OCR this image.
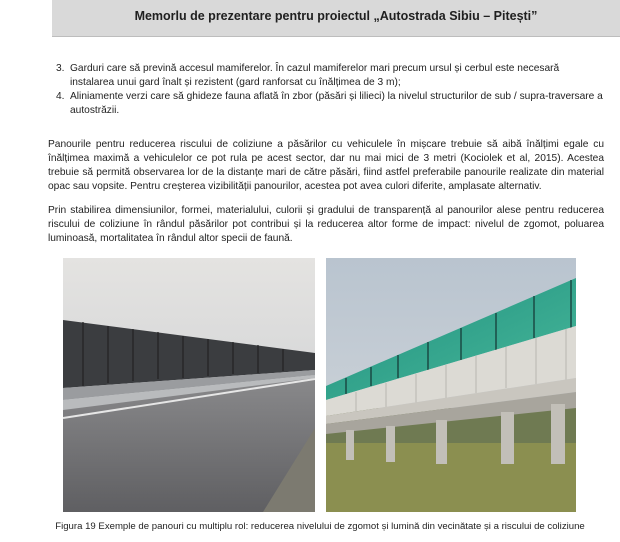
Memorlu de prezentare pentru proiectul „Autostrada Sibiu – Pitești”
3. Garduri care să prevină accesul mamiferelor. În cazul mamiferelor mari precum ursul și cerbul este necesară instalarea unui gard înalt și rezistent (gard ranforsat cu înălțimea de 3 m);
4. Aliniamente verzi care să ghideze fauna aflată în zbor (păsări și lilieci) la nivelul structurilor de sub / supra-traversare a autostrăzii.
Panourile pentru reducerea riscului de coliziune a păsărilor cu vehiculele în mișcare trebuie să aibă înălțimi egale cu înălțimea maximă a vehiculelor ce pot rula pe acest sector, dar nu mai mici de 3 metri (Kociolek et al, 2015). Acestea trebuie să permită observarea lor de la distanțe mari de către păsări, fiind astfel preferabile panourile realizate din material opac sau vopsite. Pentru creșterea vizibilității panourilor, acestea pot avea culori diferite, amplasate alternativ.
Prin stabilirea dimensiunilor, formei, materialului, culorii și gradului de transparență al panourilor alese pentru reducerea riscului de coliziune în rândul păsărilor pot contribui și la reducerea altor forme de impact: nivelul de zgomot, poluarea luminoasă, mortalitatea în rândul altor specii de faună.
Figura 19 Exemple de panouri cu multiplu rol: reducerea nivelului de zgomot și lumină din vecinătate și a riscului de coliziune
